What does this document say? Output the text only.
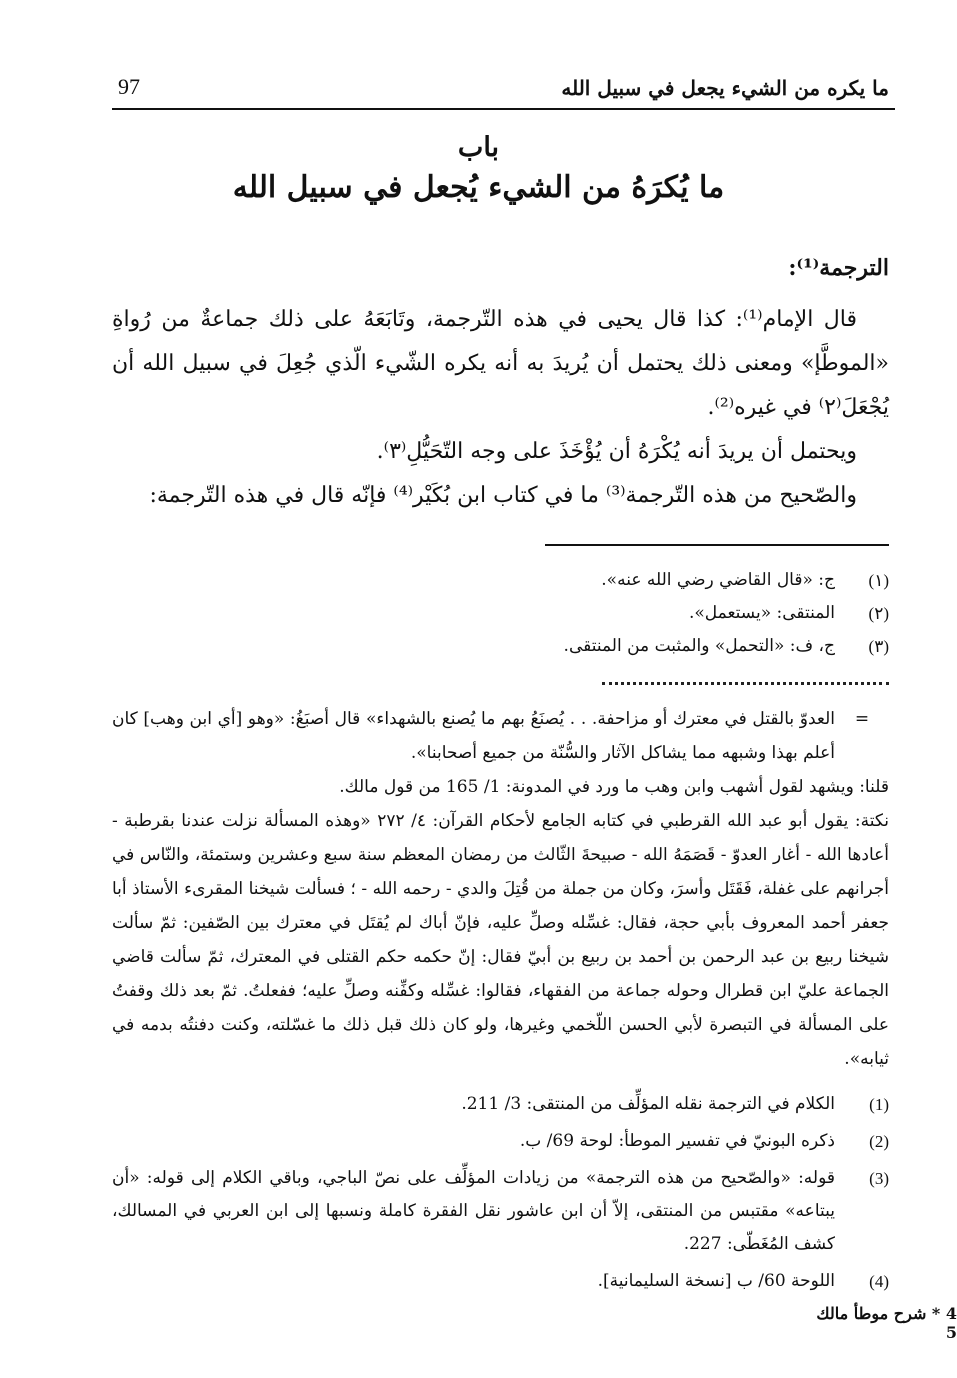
97	ما يكره من الشيء يجعل في سبيل الله
باب
ما يُكرَهُ من الشيء يُجعل في سبيل الله

الترجمة⁽¹⁾:

قال الإمام⁽¹⁾: كذا قال يحيى في هذه التّرجمة، وتَابَعَهُ على ذلك جماعةٌ من رُواةِ «الموطَّإ» ومعنى ذلك يحتمل أن يُريدَ به أنه يكره الشّيء الّذي جُعِلَ في سبيل الله أن يُجْعَلَ⁽٢⁾ في غيره⁽²⁾.

ويحتمل أن يريدَ أنه يُكْرَهُ أن يُؤْخَذَ على وجه التّحَيُّلِ⁽٣⁾.

والصّحيح من هذه التّرجمة⁽³⁾ ما في كتاب ابن بُكَيْر⁽⁴⁾ فإنّه قال في هذه التّرجمة:

(١)
ج: «قال القاضي رضي الله عنه».
(٢)
المنتقى: «يستعمل».
(٣)
ج، ف: «التحمل» والمثبت من المنتقى.
=
العدوّ بالقتل في معترك أو مزاحفة. . . يُصنَعُ بهم ما يُصنع بالشهداء» قال أصبَغُ: «وهو [أي ابن وهب] كان أعلم بهذا وشبهه مما يشاكل الآثار والسُّنّة من جميع أصحابنا».

قلنا: ويشهد لقول أشهب وابن وهب ما ورد في المدونة: 1/ 165 من قول مالك.

نكتة: يقول أبو عبد الله القرطبي في كتابه الجامع لأحكام القرآن: ٤/ ٢٧٢ «وهذه المسألة نزلت عندنا بقرطبة - أعادها الله - أغار العدوّ - قَصَمَهُ الله - صبيحةَ الثّالث من رمضان المعظم سنة سبع وعشرين وستمئة، والنّاس في أجرانهم على غفلة، فَقَتَل وأسرَ، وكان من جملة من قُتِلَ والدي - رحمه الله - ؛ فسألت شيخنا المقرىء الأستاذ أبا جعفر أحمد المعروف بأبي حجة، فقال: غسِّله وصلِّ عليه، فإنّ أباك لم يُقتَل في معترك بين الصّفين: ثمّ سألت شيخنا ربيع بن عبد الرحمن بن أحمد بن ربيع بن أبيّ فقال: إنّ حكمه حكم القتلى في المعترك، ثمّ سألت قاضي الجماعة عليّ ابن قطرال وحوله جماعة من الفقهاء، فقالوا: غسِّله وكفِّنه وصلِّ عليه؛ ففعلتُ. ثمّ بعد ذلك وقفتُ على المسألة في التبصرة لأبي الحسن اللّخمي وغيرها، ولو كان ذلك قبل ذلك ما غسّلته، وكنت دفنتُه بدمه في ثيابه».

(1)
الكلام في الترجمة نقله المؤلِّف من المنتقى: 3/ 211.
(2)
ذكره البونيّ في تفسير الموطأ: لوحة 69/ ب.
(3)
قوله: «والصّحيح من هذه الترجمة» من زيادات المؤلِّف على نصّ الباجي، وباقي الكلام إلى قوله: «أن يبتاعه» مقتبس من المنتقى، إلاّ أن ابن عاشور نقل الفقرة كاملة ونسبها إلى ابن العربي في المسالك، كشف المُغَطّى: 227.
(4)
اللوحة 60/ ب [نسخة السليمانية].
4 * شرح موطأ مالك 5
